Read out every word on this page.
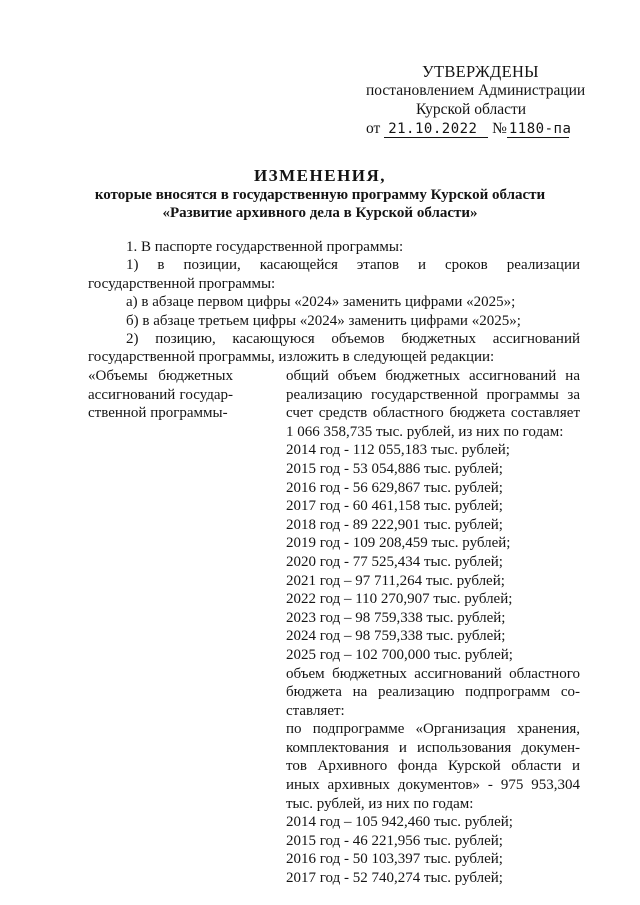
УТВЕРЖДЕНЫ
постановлением Администрации
Курской области
от 21.10.2022 № 1180-па
ИЗМЕНЕНИЯ,
которые вносятся в государственную программу Курской области
«Развитие архивного дела в Курской области»
1. В паспорте государственной программы:
1) в позиции, касающейся этапов и сроков реализации
государственной программы:
а) в абзаце первом цифры «2024» заменить цифрами «2025»;
б) в абзаце третьем цифры «2024» заменить цифрами «2025»;
2) позицию, касающуюся объемов бюджетных ассигнований
государственной программы, изложить в следующей редакции:
«Объемы бюджетных
ассигнований государ-
ственной программы-
общий объем бюджетных ассигнований на
реализацию государственной программы за
счет средств областного бюджета составляет
1 066 358,735 тыс. рублей, из них по годам:
2014 год - 112 055,183 тыс. рублей;
2015 год - 53 054,886 тыс. рублей;
2016 год - 56 629,867 тыс. рублей;
2017 год - 60 461,158 тыс. рублей;
2018 год - 89 222,901 тыс. рублей;
2019 год - 109 208,459 тыс. рублей;
2020 год - 77 525,434 тыс. рублей;
2021 год – 97 711,264 тыс. рублей;
2022 год – 110 270,907 тыс. рублей;
2023 год – 98 759,338 тыс. рублей;
2024 год – 98 759,338 тыс. рублей;
2025 год – 102 700,000 тыс. рублей;
объем бюджетных ассигнований областного
бюджета на реализацию подпрограмм со-
ставляет:
по подпрограмме «Организация хранения,
комплектования и использования докумен-
тов Архивного фонда Курской области и
иных архивных документов» - 975 953,304
тыс. рублей, из них по годам:
2014 год – 105 942,460 тыс. рублей;
2015 год - 46 221,956 тыс. рублей;
2016 год - 50 103,397 тыс. рублей;
2017 год - 52 740,274 тыс. рублей;
